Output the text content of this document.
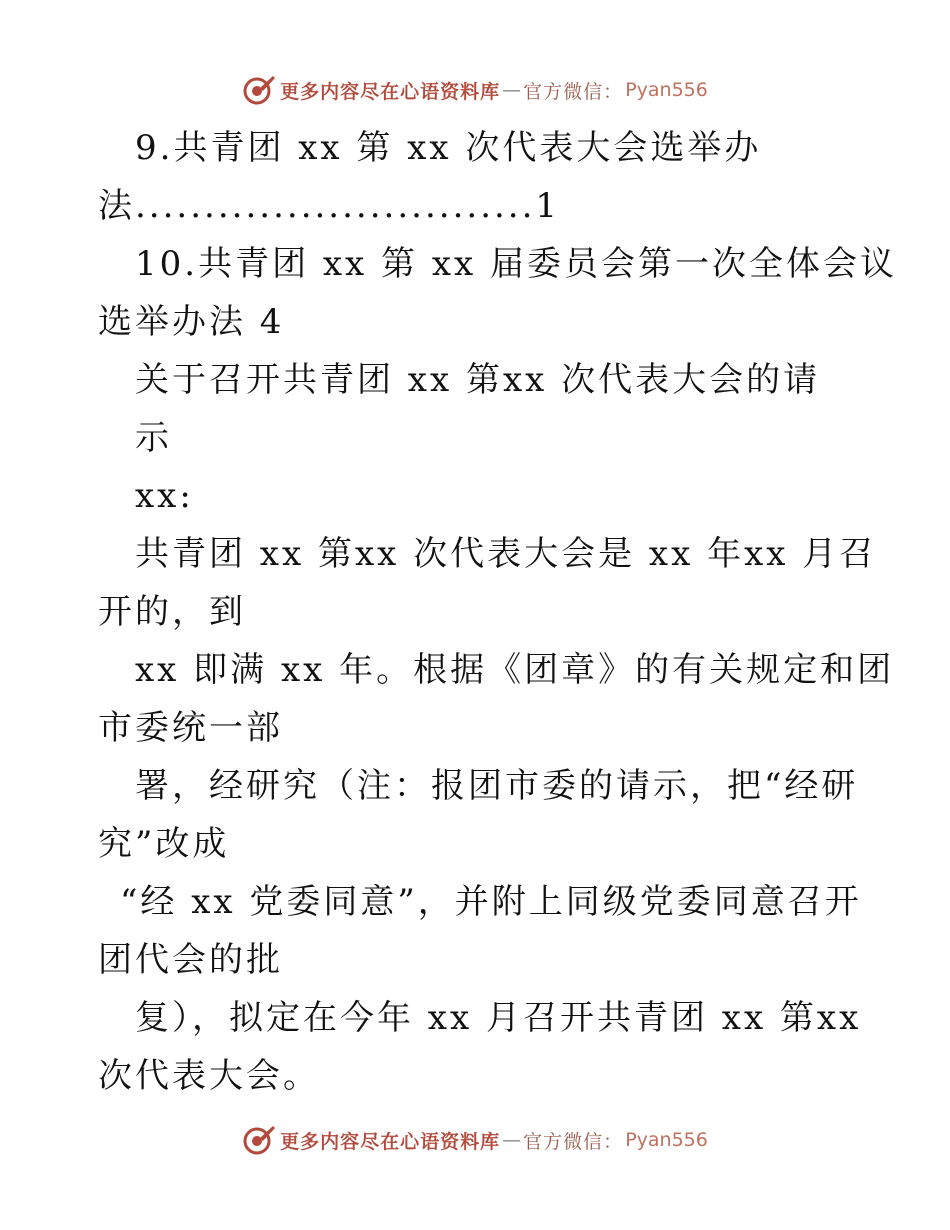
更多内容尽在心语资料库 — 官方微信： Pyan556
9.共青团 xx 第 xx 次代表大会选举办
法.............................1
10.共青团 xx 第 xx 届委员会第一次全体会议
选举办法 4
关于召开共青团 xx 第xx 次代表大会的请
示
xx:
共青团 xx 第xx 次代表大会是 xx 年xx 月召
开的，到
xx 即满 xx 年。根据《团章》的有关规定和团
市委统一部
署，经研究（注：报团市委的请示，把“经研
究”改成
“经 xx 党委同意”，并附上同级党委同意召开
团代会的批
复），拟定在今年 xx 月召开共青团 xx 第xx
次代表大会。
更多内容尽在心语资料库 — 官方微信： Pyan556
